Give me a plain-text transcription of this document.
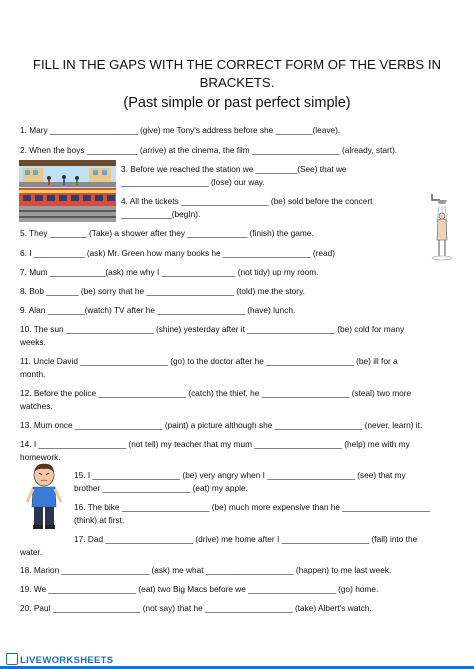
FILL IN THE GAPS WITH THE CORRECT FORM OF THE VERBS IN
BRACKETS.
(Past simple or past perfect simple)
1. Mary ___________________ (give) me Tony's address before she ________(leave).
2. When the boys ___________ (arrive) at the cinema, the film ___________________ (already, start).
3. Before we reached the station we _________(See) that we
___________________ (lose) our way.
4. All the tickets ___________________ (be) sold before the concert
___________(begIn).
5. They ________ (Take) a shower after they _____________ (finish) the game.
6. I ___________ (ask) Mr. Green how many books he ___________________ (read)
7. Mum ____________(ask) me why I ________________ (not tidy) up my room.
8. Bob _______ (be) sorry that he ___________________ (told) me the story.
9. Alan ________(watch) TV after he ___________________ (have) lunch.
10. The sun ___________________ (shine) yesterday after it ___________________ (be) cold for many
weeks.
11. Uncle David ___________________ (go) to the doctor after he ___________________ (be) ill for a
month.
12. Before the police ___________________ (catch) the thief, he ___________________ (steal) two more
watches.
13. Mum once ___________________ (paint) a picture although she ___________________ (never, learn) it.
14. I ___________________ (not tell) my teacher that my mum ___________________ (help) me with my
homework.
15. I ___________________ (be) very angry when I ___________________ (see) that my
brother ___________________ (eat) my apple.
16. The bike ___________________ (be) much more expensive than he ___________________
(think) at first.
17. Dad ___________________ (drive) me home after I ___________________ (fall) into the
water.
18. Marion ___________________ (ask) me what ___________________ (happen) to me last week.
19. We ___________________ (eat) two Big Macs before we ___________________ (go) home.
20. Paul ___________________ (not say) that he ___________________ (take) Albert's watch.
LIVEWORKSHEETS
